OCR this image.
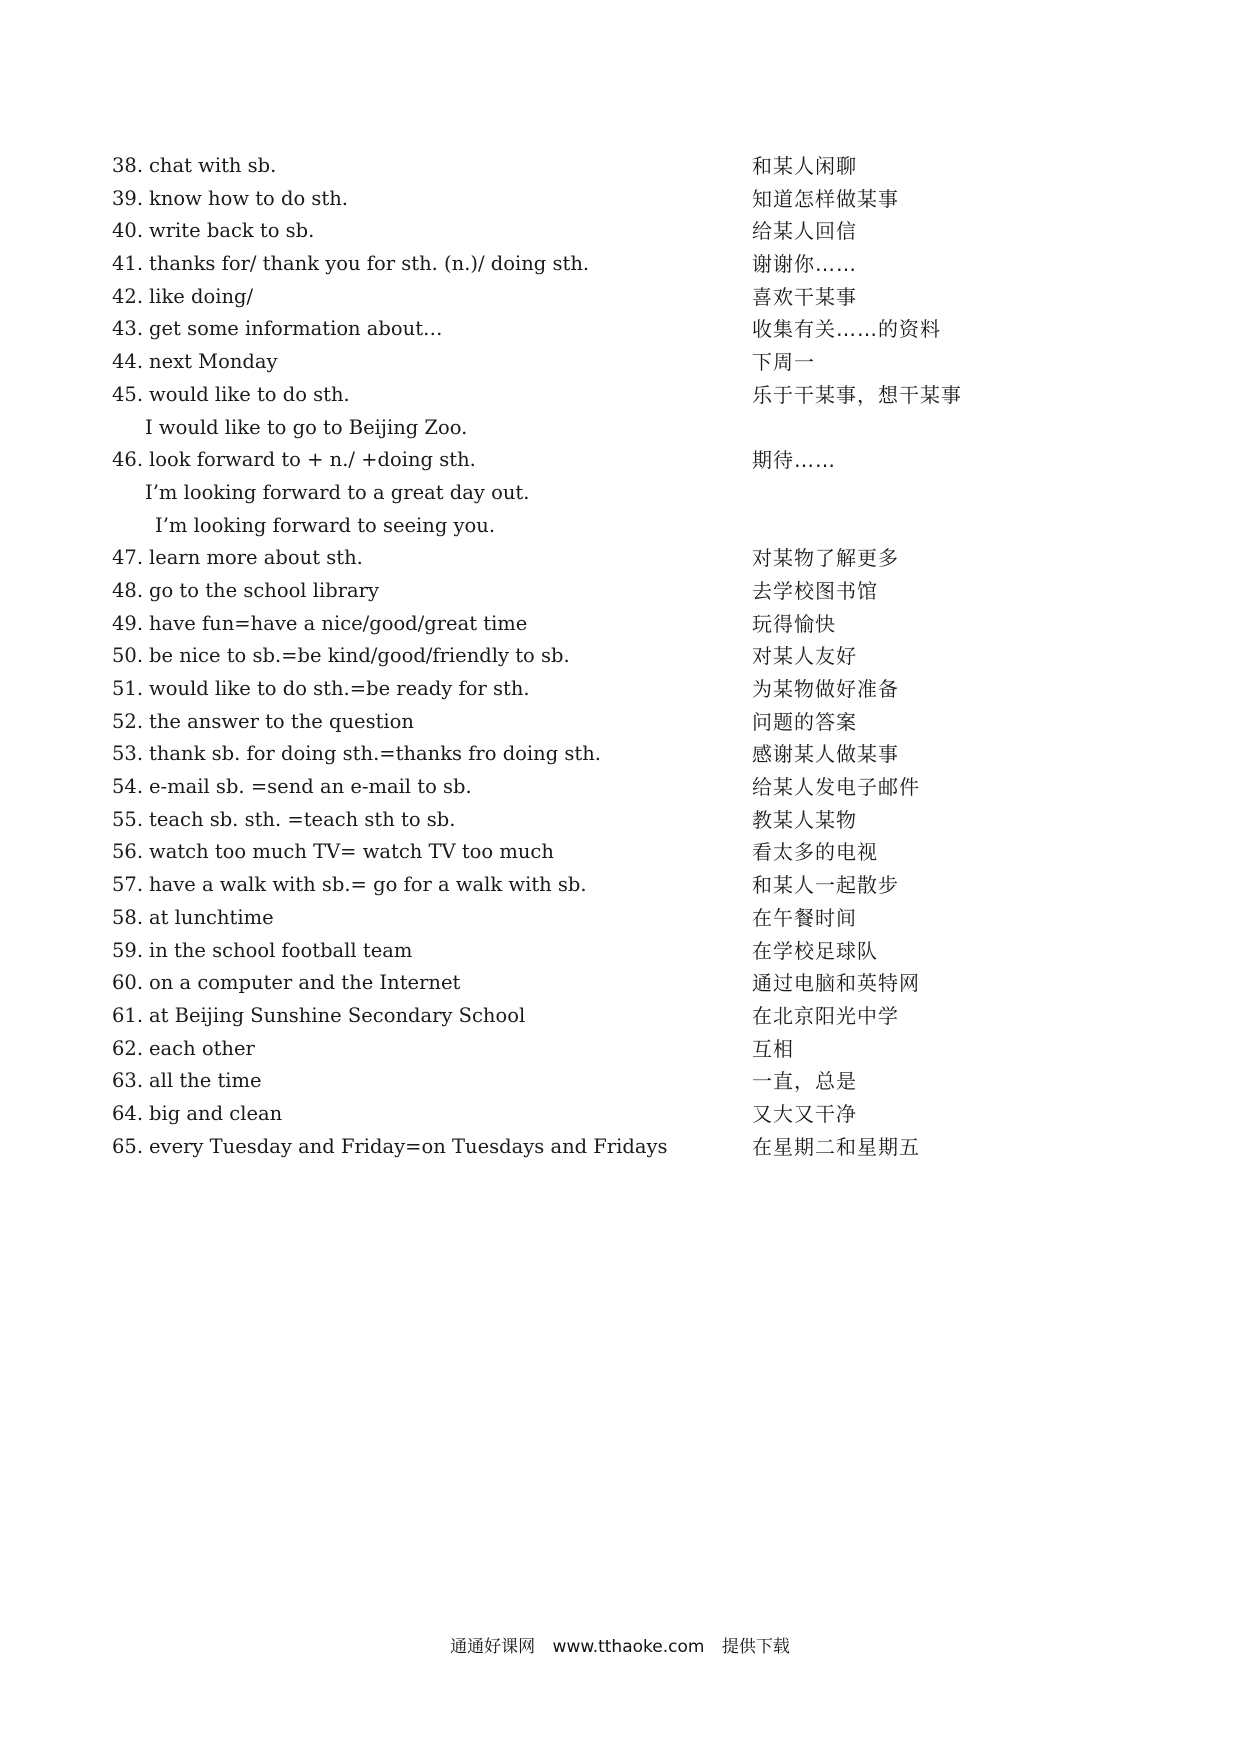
38. chat with sb.	和某人闲聊
39. know how to do sth.	知道怎样做某事
40. write back to sb.	给某人回信
41. thanks for/ thank you for sth. (n.)/ doing sth.	谢谢你……
42. like doing/	喜欢干某事
43. get some information about…	收集有关……的资料
44. next Monday	下周一
45. would like to do sth.	乐于干某事，想干某事
I would like to go to Beijing Zoo.
46. look forward to + n./ +doing sth.	期待……
I’m looking forward to a great day out.
I’m looking forward to seeing you.
47. learn more about sth.	对某物了解更多
48. go to the school library	去学校图书馆
49. have fun=have a nice/good/great time	玩得愉快
50. be nice to sb.=be kind/good/friendly to sb.	对某人友好
51. would like to do sth.=be ready for sth.	为某物做好准备
52. the answer to the question	问题的答案
53. thank sb. for doing sth.=thanks fro doing sth.	感谢某人做某事
54. e-mail sb. =send an e-mail to sb.	给某人发电子邮件
55. teach sb. sth. =teach sth to sb.	教某人某物
56. watch too much TV= watch TV too much	看太多的电视
57. have a walk with sb.= go for a walk with sb.	和某人一起散步
58. at lunchtime	在午餐时间
59. in the school football team	在学校足球队
60. on a computer and the Internet	通过电脑和英特网
61. at Beijing Sunshine Secondary School	在北京阳光中学
62. each other	互相
63. all the time	一直，总是
64. big and clean	又大又干净
65. every Tuesday and Friday=on Tuesdays and Fridays	在星期二和星期五
通通好课网 www.tthaoke.com 提供下载
